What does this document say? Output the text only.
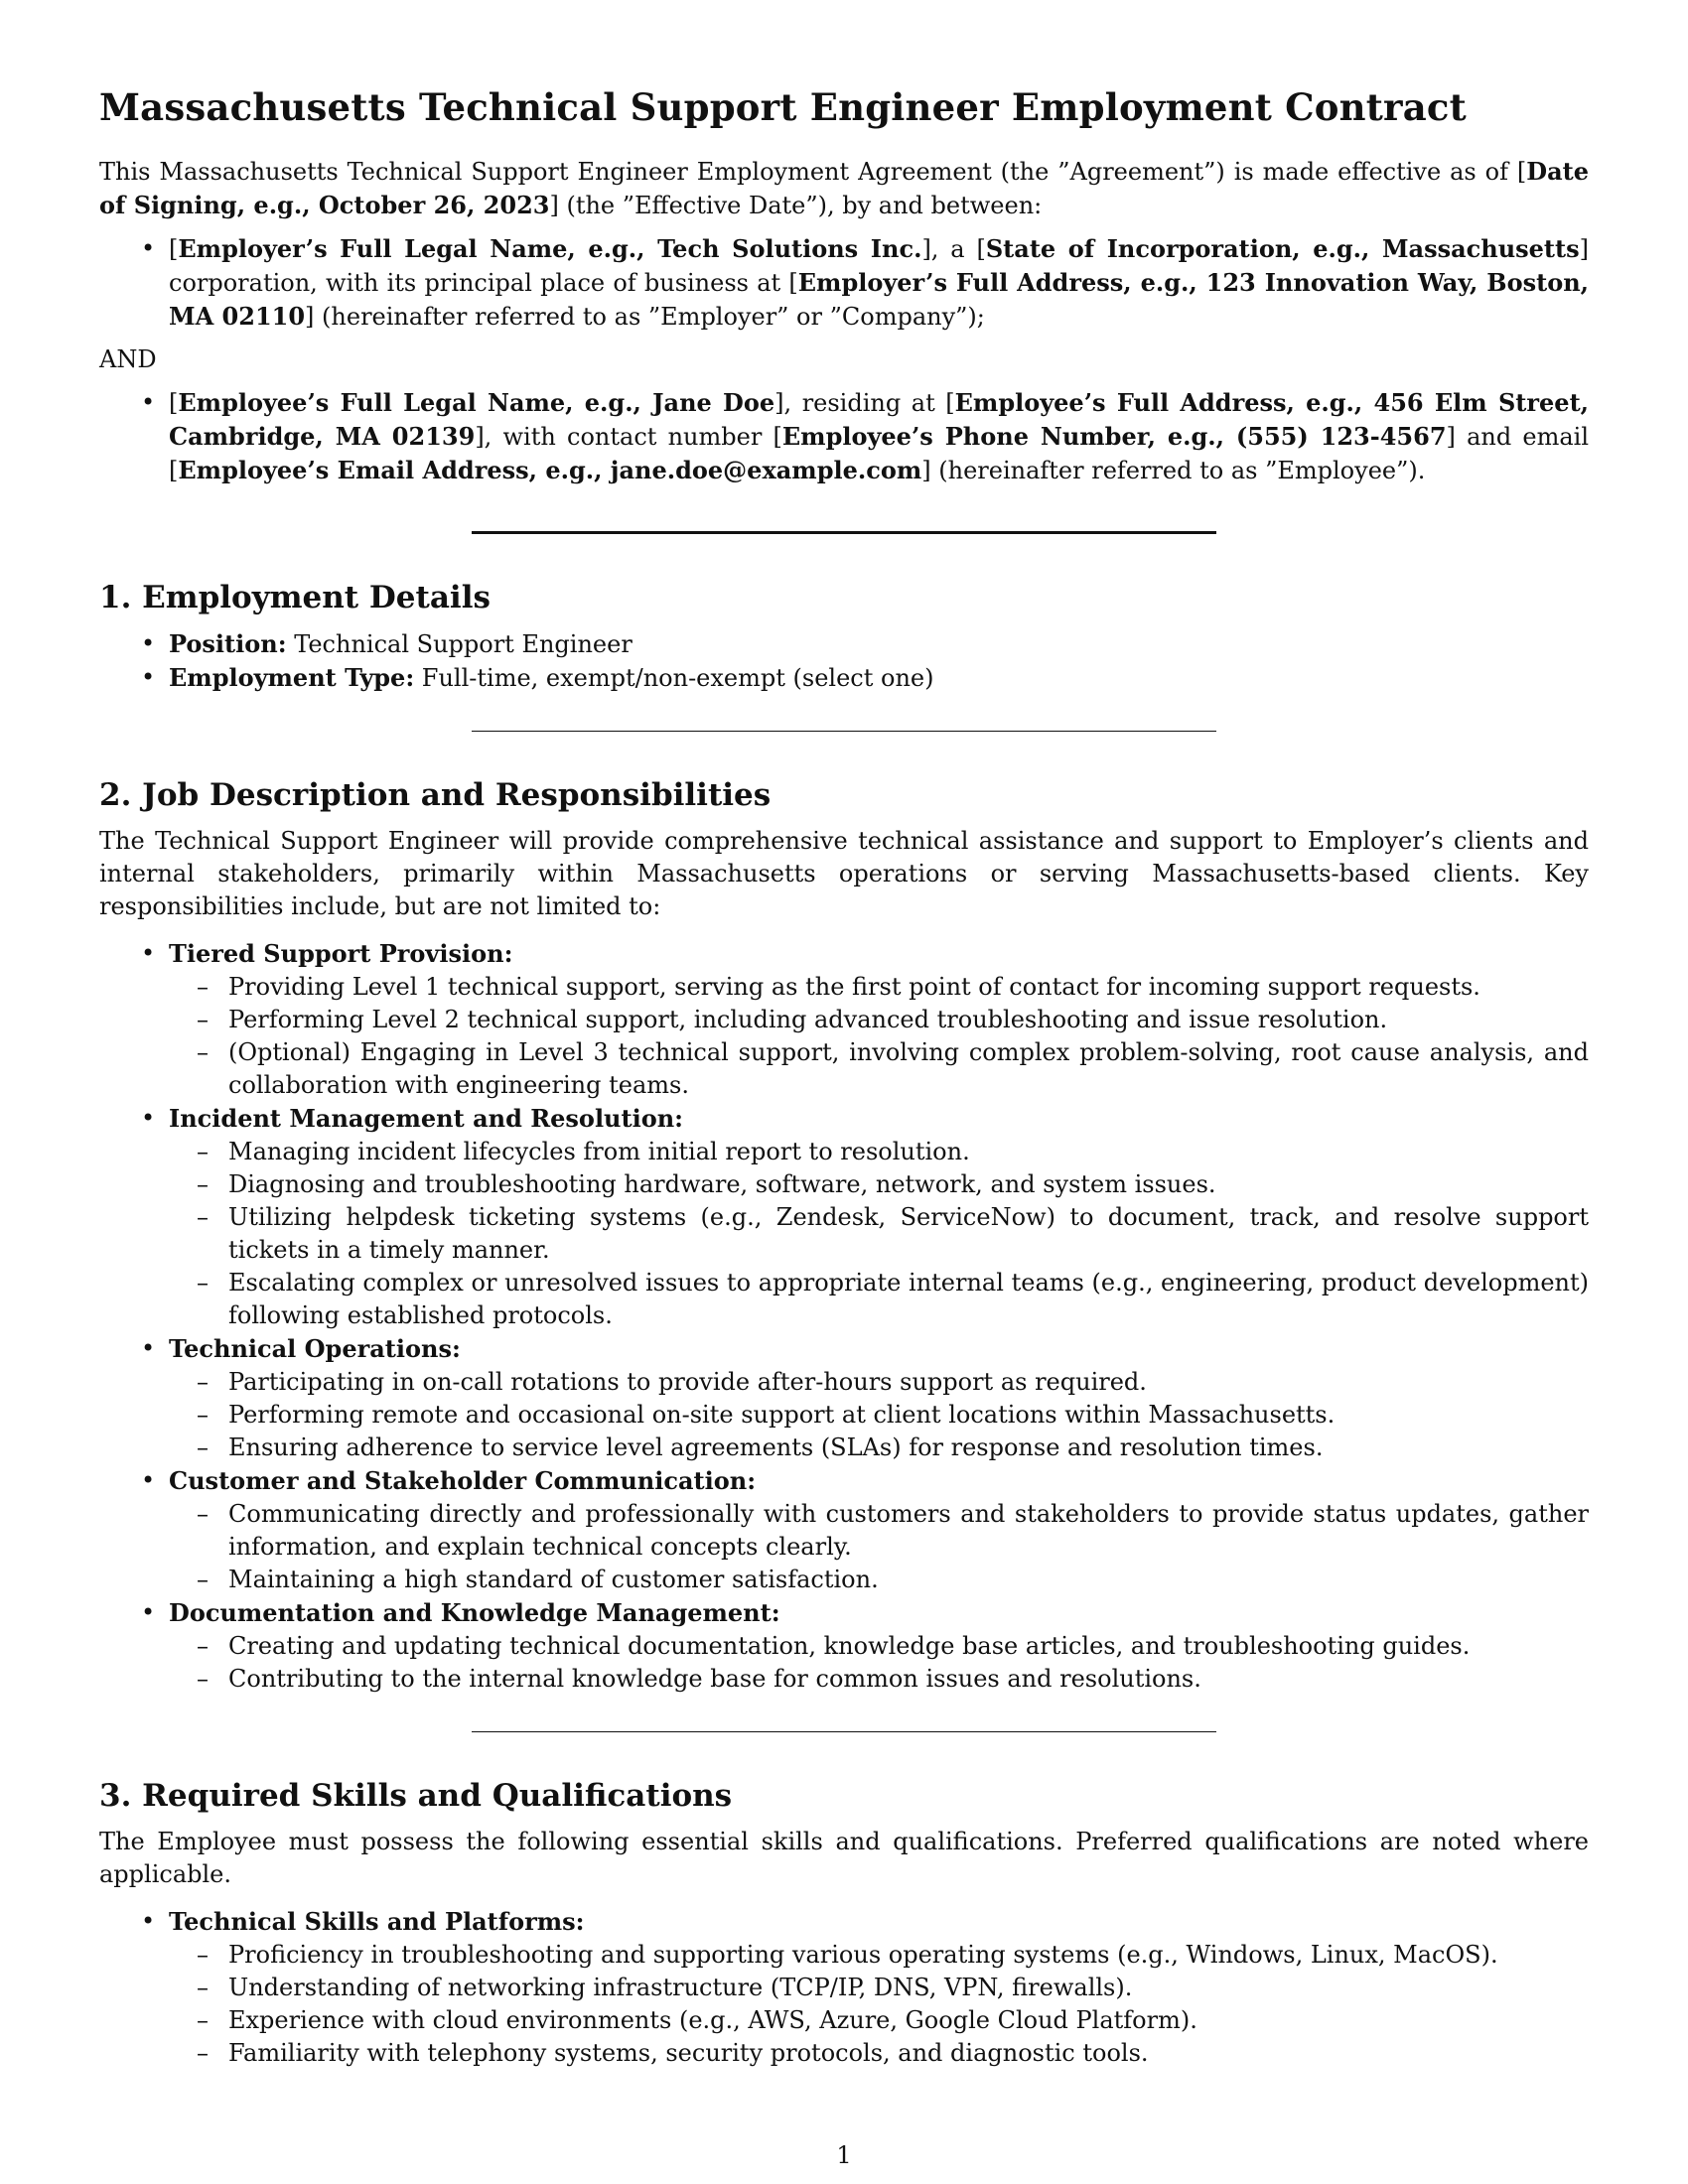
Massachusetts Technical Support Engineer Employment Contract

This Massachusetts Technical Support Engineer Employment Agreement (the ”Agreement”) is made effective as of [Date of Signing, e.g., October 26, 2023] (the ”Effective Date”), by and between:

• [Employer’s Full Legal Name, e.g., Tech Solutions Inc.], a [State of Incorporation, e.g., Massachusetts] corporation, with its principal place of business at [Employer’s Full Address, e.g., 123 Innovation Way, Boston, MA 02110] (hereinafter referred to as ”Employer” or ”Company”);
AND
• [Employee’s Full Legal Name, e.g., Jane Doe], residing at [Employee’s Full Address, e.g., 456 Elm Street, Cambridge, MA 02139], with contact number [Employee’s Phone Number, e.g., (555) 123-4567] and email [Employee’s Email Address, e.g., jane.doe@example.com] (hereinafter referred to as ”Employee”).
1. Employment Details
• Position: Technical Support Engineer
• Employment Type: Full-time, exempt/non-exempt (select one)
2. Job Description and Responsibilities

The Technical Support Engineer will provide comprehensive technical assistance and support to Employer’s clients and internal stakeholders, primarily within Massachusetts operations or serving Massachusetts-based clients. Key responsibilities include, but are not limited to:

• Tiered Support Provision:
– Providing Level 1 technical support, serving as the first point of contact for incoming support requests.
– Performing Level 2 technical support, including advanced troubleshooting and issue resolution.
– (Optional) Engaging in Level 3 technical support, involving complex problem-solving, root cause analysis, and collaboration with engineering teams.
• Incident Management and Resolution:
– Managing incident lifecycles from initial report to resolution.
– Diagnosing and troubleshooting hardware, software, network, and system issues.
– Utilizing helpdesk ticketing systems (e.g., Zendesk, ServiceNow) to document, track, and resolve support tickets in a timely manner.
– Escalating complex or unresolved issues to appropriate internal teams (e.g., engineering, product development) following established protocols.
• Technical Operations:
– Participating in on-call rotations to provide after-hours support as required.
– Performing remote and occasional on-site support at client locations within Massachusetts.
– Ensuring adherence to service level agreements (SLAs) for response and resolution times.
• Customer and Stakeholder Communication:
– Communicating directly and professionally with customers and stakeholders to provide status updates, gather information, and explain technical concepts clearly.
– Maintaining a high standard of customer satisfaction.
• Documentation and Knowledge Management:
– Creating and updating technical documentation, knowledge base articles, and troubleshooting guides.
– Contributing to the internal knowledge base for common issues and resolutions.
3. Required Skills and Qualifications

The Employee must possess the following essential skills and qualifications. Preferred qualifications are noted where applicable.

• Technical Skills and Platforms:
– Proficiency in troubleshooting and supporting various operating systems (e.g., Windows, Linux, MacOS).
– Understanding of networking infrastructure (TCP/IP, DNS, VPN, firewalls).
– Experience with cloud environments (e.g., AWS, Azure, Google Cloud Platform).
– Familiarity with telephony systems, security protocols, and diagnostic tools.
1
